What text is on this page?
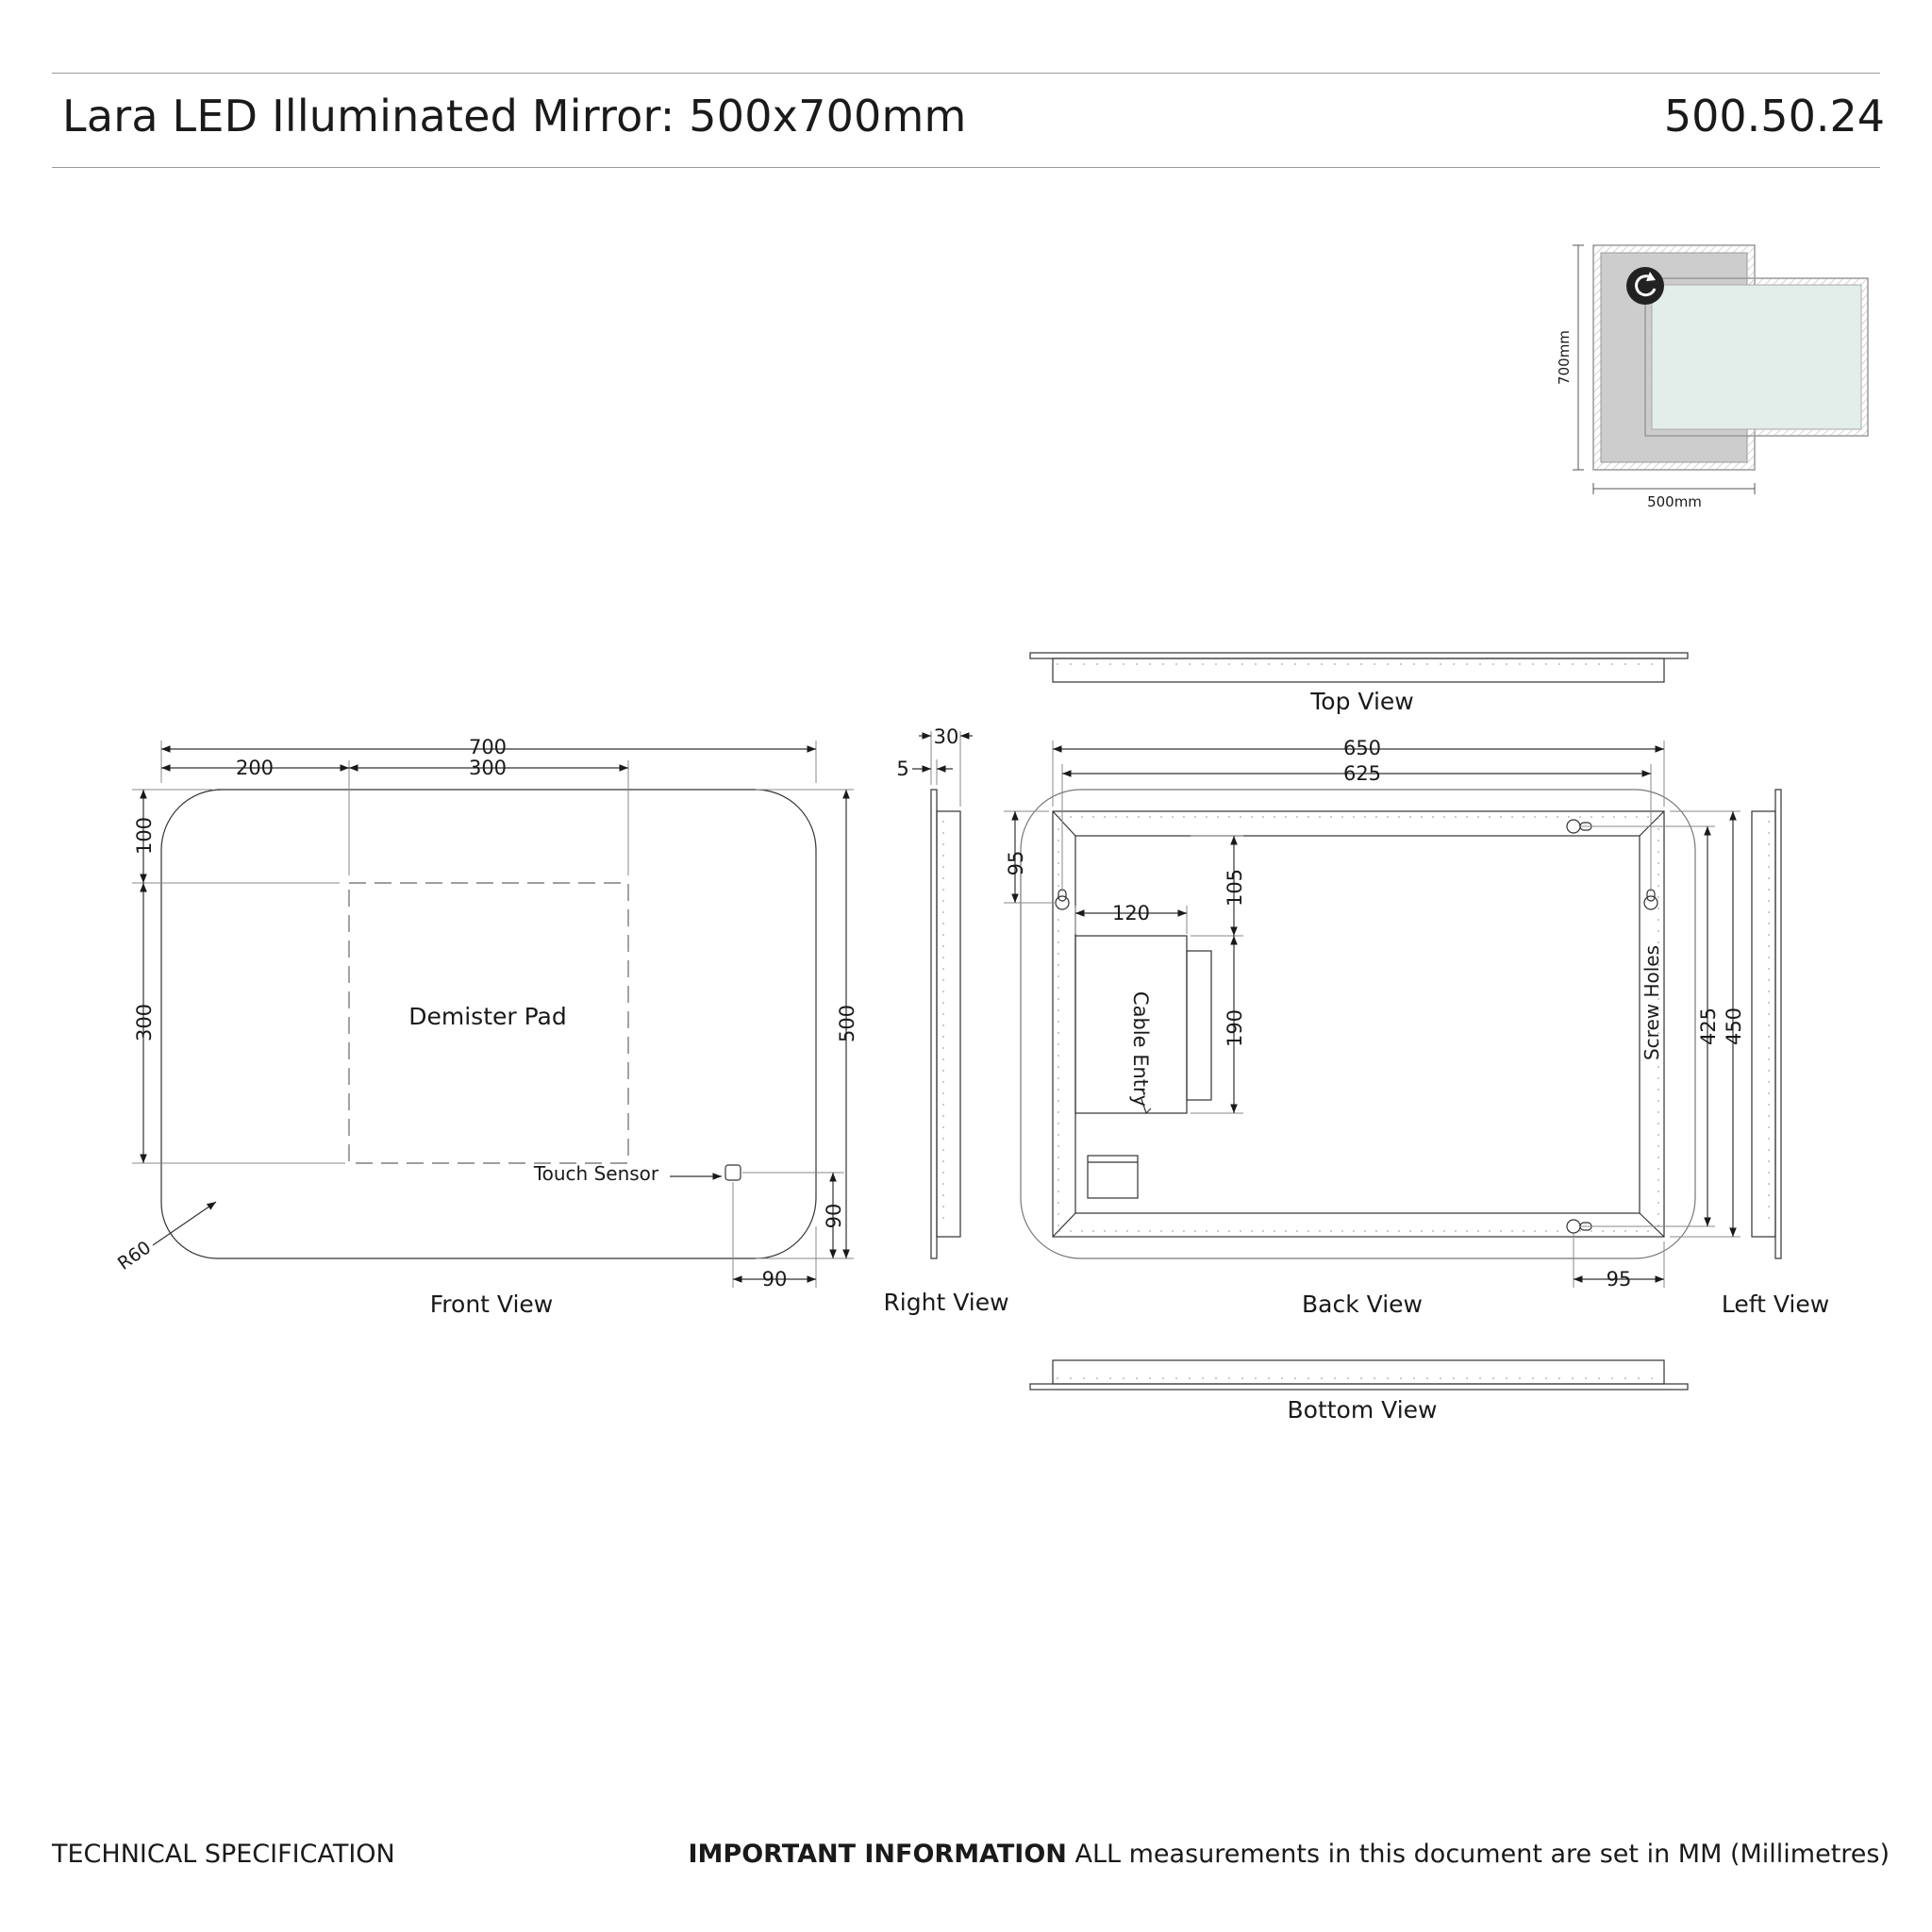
Lara LED Illuminated Mirror: 500x700mm	500.50.24
700mm
500mm
700
200	300
100
300	500
90
90
Demister Pad
Touch Sensor
R60
Front View
30
5
Right View
Top View
650
625
95
120
105
190
Cable Entry	Screw Holes 425 450
95
Back View	Left View
Bottom View
TECHNICAL SPECIFICATION	IMPORTANT INFORMATION ALL measurements in this document are set in MM (Millimetres)
